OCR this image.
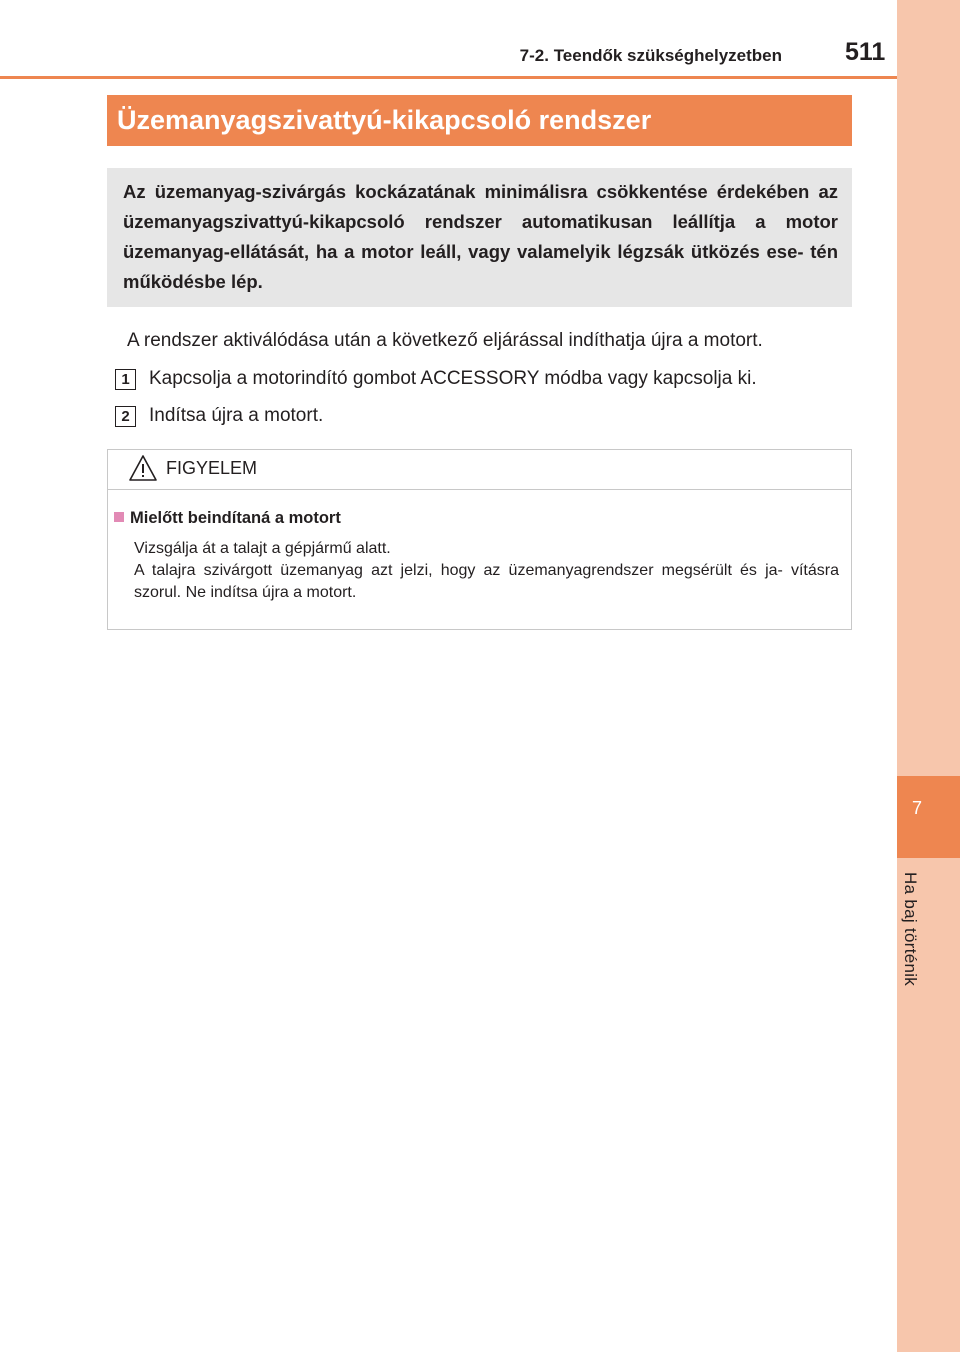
7
Ha baj történik
7-2. Teendők szükséghelyzetben	511
Üzemanyagszivattyú-kikapcsoló rendszer
Az üzemanyag-szivárgás kockázatának minimálisra csökkentése érdekében az üzemanyagszivattyú-kikapcsoló rendszer automatikusan leállítja a motor üzemanyag-ellátását, ha a motor leáll, vagy valamelyik légzsák ütközés ese- tén működésbe lép.
A rendszer aktiválódása után a következő eljárással indíthatja újra a motort.
1 Kapcsolja a motorindító gombot ACCESSORY módba vagy kapcsolja ki.
2 Indítsa újra a motort.
FIGYELEM
Mielőtt beindítaná a motort

Vizsgálja át a talajt a gépjármű alatt.

A talajra szivárgott üzemanyag azt jelzi, hogy az üzemanyagrendszer megsérült és ja- vításra szorul. Ne indítsa újra a motort.
